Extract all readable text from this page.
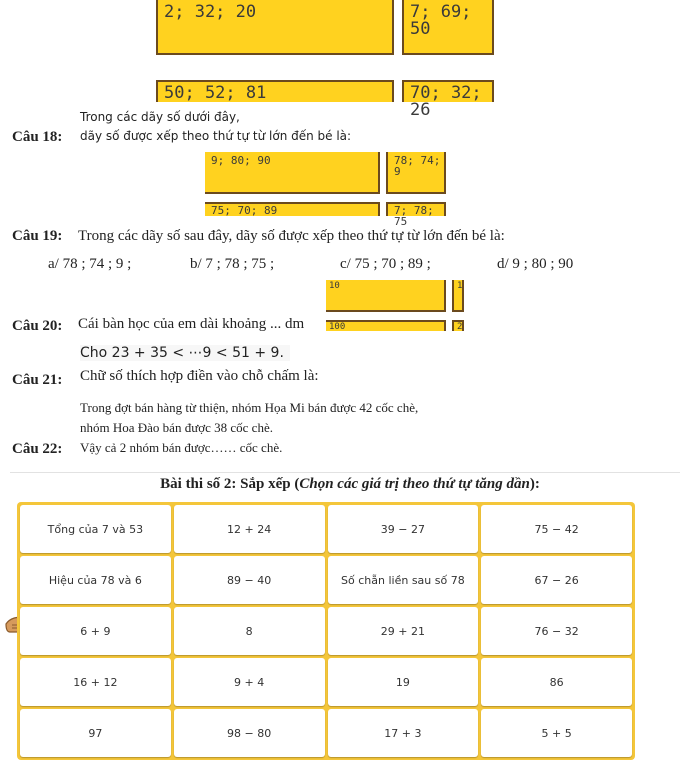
2; 32; 20	7; 69; 50
50; 52; 81	70; 32; 26
Trong các dãy số dưới đây,
Câu 18: dãy số được xếp theo thứ tự từ lớn đến bé là:
9; 80; 90	78; 74; 9
75; 70; 89	7; 78; 75
Câu 19: Trong các dãy số sau đây, dãy số được xếp theo thứ tự từ lớn đến bé là:
a/ 78 ; 74 ; 9 ;	b/ 7 ; 78 ; 75 ;	c/ 75 ; 70 ; 89 ;	d/ 9 ; 80 ; 90
Câu 20: Cái bàn học của em dài khoảng ... dm
10	1
100	2
Cho 23 + 35 < ⋯9 < 51 + 9.
Câu 21: Chữ số thích hợp điền vào chỗ chấm là:
Trong đợt bán hàng từ thiện, nhóm Họa Mi bán được 42 cốc chè,
nhóm Hoa Đào bán được 38 cốc chè.
Câu 22: Vậy cả 2 nhóm bán được…… cốc chè.
Bài thi số 2: Sắp xếp (Chọn các giá trị theo thứ tự tăng dần):
Tổng của 7 và 53	12 + 24	39 − 27	75 − 42
Hiệu của 78 và 6	89 − 40	Số chẵn liền sau số 78	67 − 26
6 + 9	8	29 + 21	76 − 32
16 + 12	9 + 4	19	86
97	98 − 80	17 + 3	5 + 5
